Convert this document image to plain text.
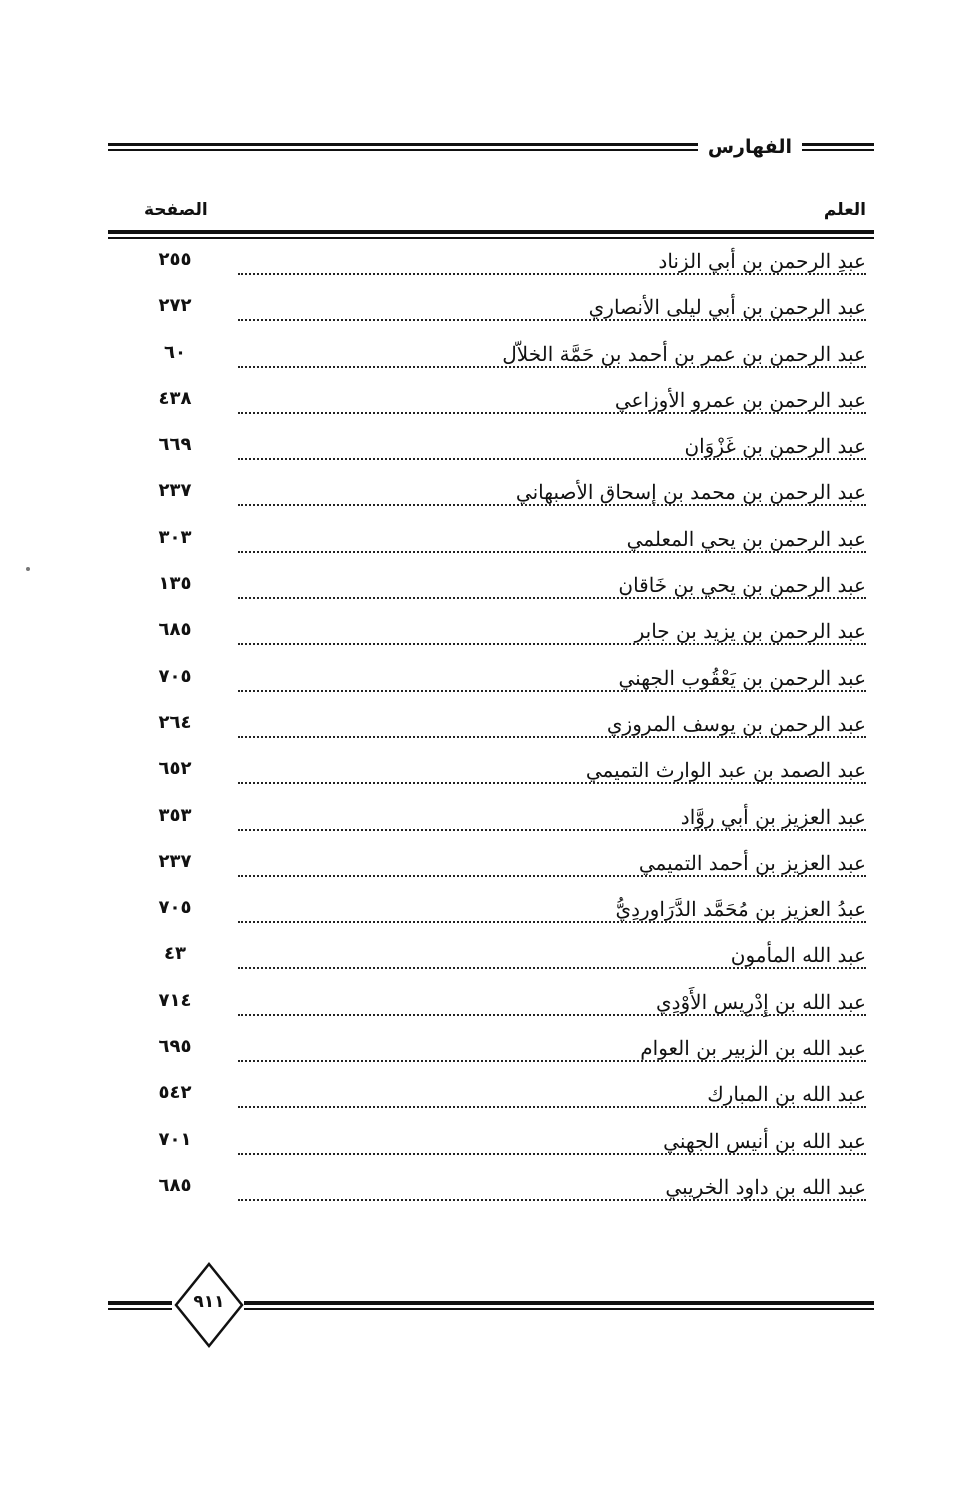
الفهارس
العلم
الصفحة
عبدِ الرحمن بن أبي الزناد
٢٥٥
عبد الرحمن بن أبي ليلى الأنصاري
٢٧٢
عبد الرحمن بن عمر بن أحمد بن حَمَّة الخلاّل
٦٠
عبد الرحمن بن عمرو الأوزاعي
٤٣٨
عبد الرحمن بن غَزْوَان
٦٦٩
عبد الرحمن بن محمد بن إسحاق الأصبهاني
٢٣٧
عبد الرحمن بن يحي المعلمي
٣٠٣
عبد الرحمن بن يحي بن خَاقان
١٣٥
عبد الرحمن بن يزيد بن جابر
٦٨٥
عبد الرحمن بن يَعْقُوب الجهني
٧٠٥
عبد الرحمن بن يوسف المروزي
٢٦٤
عبد الصمد بن عبد الوارث التميمي
٦٥٢
عبد العزيز بن أبي روَّاد
٣٥٣
عبد العزيز بن أحمد التميمي
٢٣٧
عبدُ العزيز بن مُحَمَّد الدَّرَاوردِيُّ
٧٠٥
عبد الله المأمون
٤٣
عبد الله بن إِدْرِيس الأَوْدِي
٧١٤
عبد الله بن الزبير بن العوام
٦٩٥
عبد الله بن المبارك
٥٤٢
عبد الله بن أنيس الجهني
٧٠١
عبد الله بن داود الخريبي
٦٨٥
٩١١
